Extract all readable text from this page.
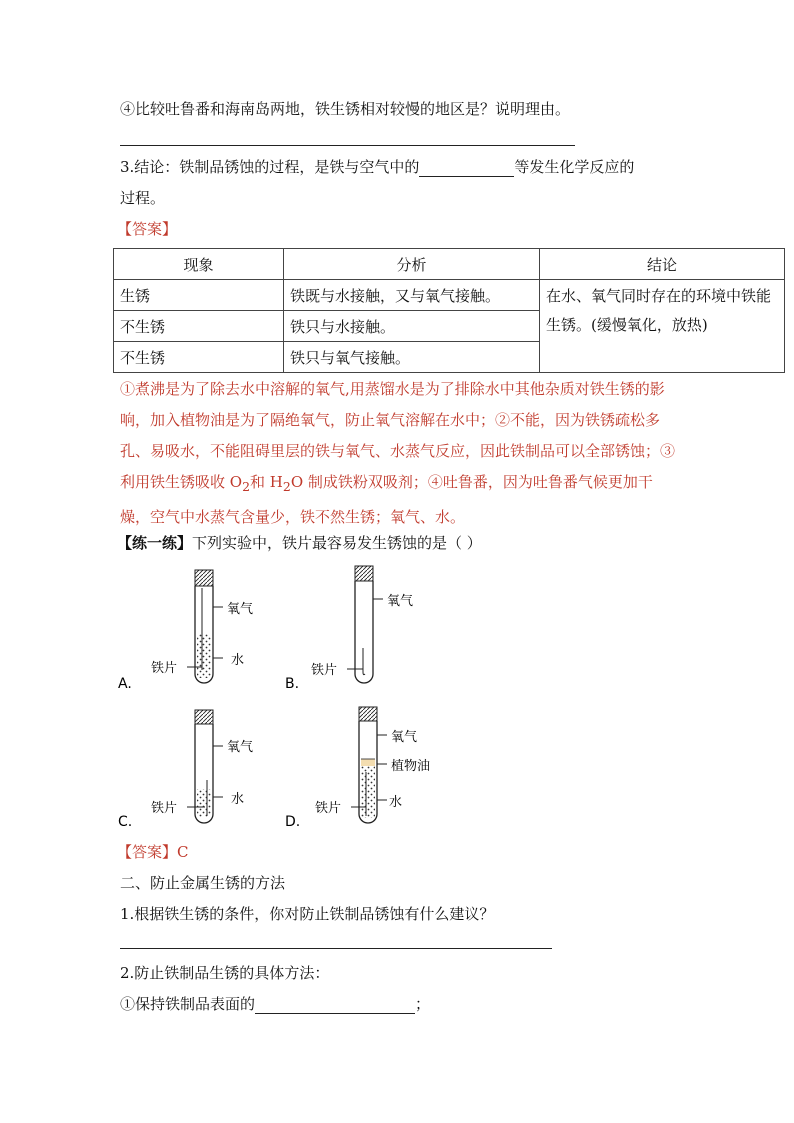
④比较吐鲁番和海南岛两地，铁生锈相对较慢的地区是？说明理由。
3.结论：铁制品锈蚀的过程，是铁与空气中的	等发生化学反应的
过程。
【答案】
现象	分析	结论
生锈	铁既与水接触，又与氧气接触。	在水、氧气同时存在的环境中铁能生锈。(缓慢氧化，放热)
不生锈	铁只与水接触。	
不生锈	铁只与氧气接触。	
①煮沸是为了除去水中溶解的氧气,用蒸馏水是为了排除水中其他杂质对铁生锈的影响，加入植物油是为了隔绝氧气，防止氧气溶解在水中；②不能，因为铁锈疏松多孔、易吸水，不能阻碍里层的铁与氧气、水蒸气反应，因此铁制品可以全部锈蚀；③利用铁生锈吸收 $O_2$和 $H_2O$ 制成铁粉双吸剂；④吐鲁番，因为吐鲁番气候更加干燥，空气中水蒸气含量少，铁不然生锈；氧气、水。
【练一练】下列实验中，铁片最容易发生锈蚀的是（ ）
氧气
水
铁片
A.
氧气
铁片
B.
氧气
水
铁片
C.
氧气
植物油
水
铁片
D.
【答案】C
二、防止金属生锈的方法
1.根据铁生锈的条件，你对防止铁制品锈蚀有什么建议？
2.防止铁制品生锈的具体方法：
①保持铁制品表面的	；
